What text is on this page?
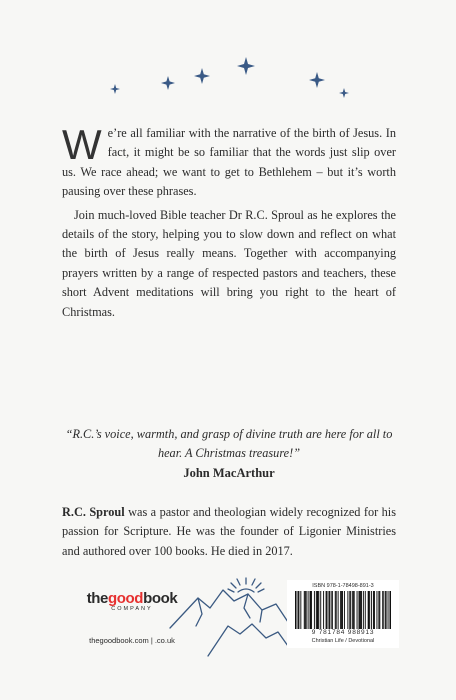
We’re all familiar with the narrative of the birth of Jesus. In fact, it might be so familiar that the words just slip over us. We race ahead; we want to get to Bethlehem – but it’s worth pausing over these phrases.

Join much-loved Bible teacher Dr R.C. Sproul as he explores the details of the story, helping you to slow down and reflect on what the birth of Jesus really means. Together with accompanying prayers written by a range of respected pastors and teachers, these short Advent meditations will bring you right to the heart of Christmas.

“R.C.’s voice, warmth, and grasp of divine truth are here for all to hear. A Christmas treasure!”
John MacArthur
R.C. Sproul was a pastor and theologian widely recognized for his passion for Scripture. He was the founder of Ligonier Ministries and authored over 100 books. He died in 2017.
thegoodbook
COMPANY
thegoodbook.com | .co.uk
ISBN 978-1-78498-891-3
9 781784 988913
Christian Life / Devotional
